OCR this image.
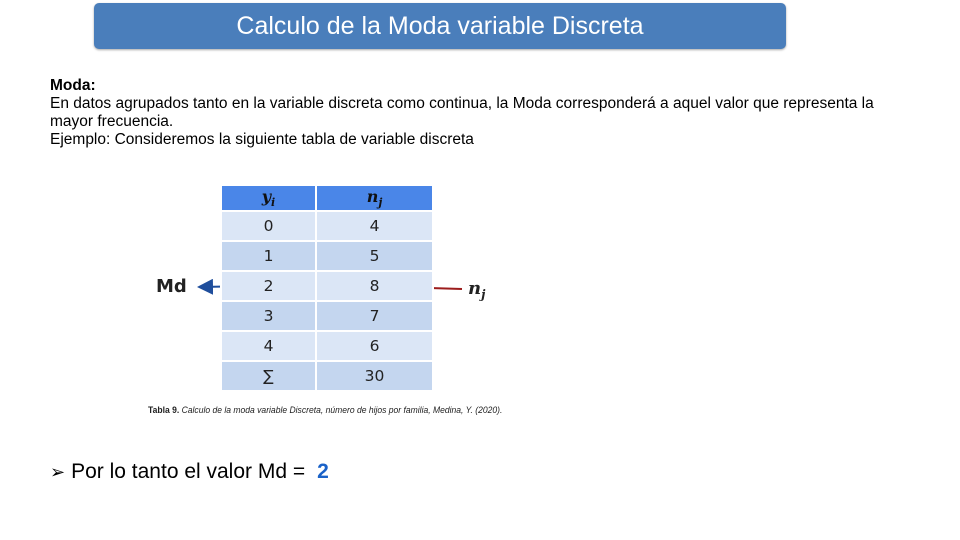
Calculo de la Moda variable Discreta
Moda:
En datos agrupados tanto en la variable discreta como continua, la Moda corresponderá a aquel valor que representa la mayor frecuencia.
Ejemplo: Consideremos la siguiente tabla de variable discreta
$y_i$	$n_j$
0	4
1	5
2	8
3	7
4	6
∑	30
Md	$n_j$
Tabla 9. Calculo de la moda variable Discreta, número de hijos por familia, Medina, Y. (2020).
➢ Por lo tanto el valor Md = 2
